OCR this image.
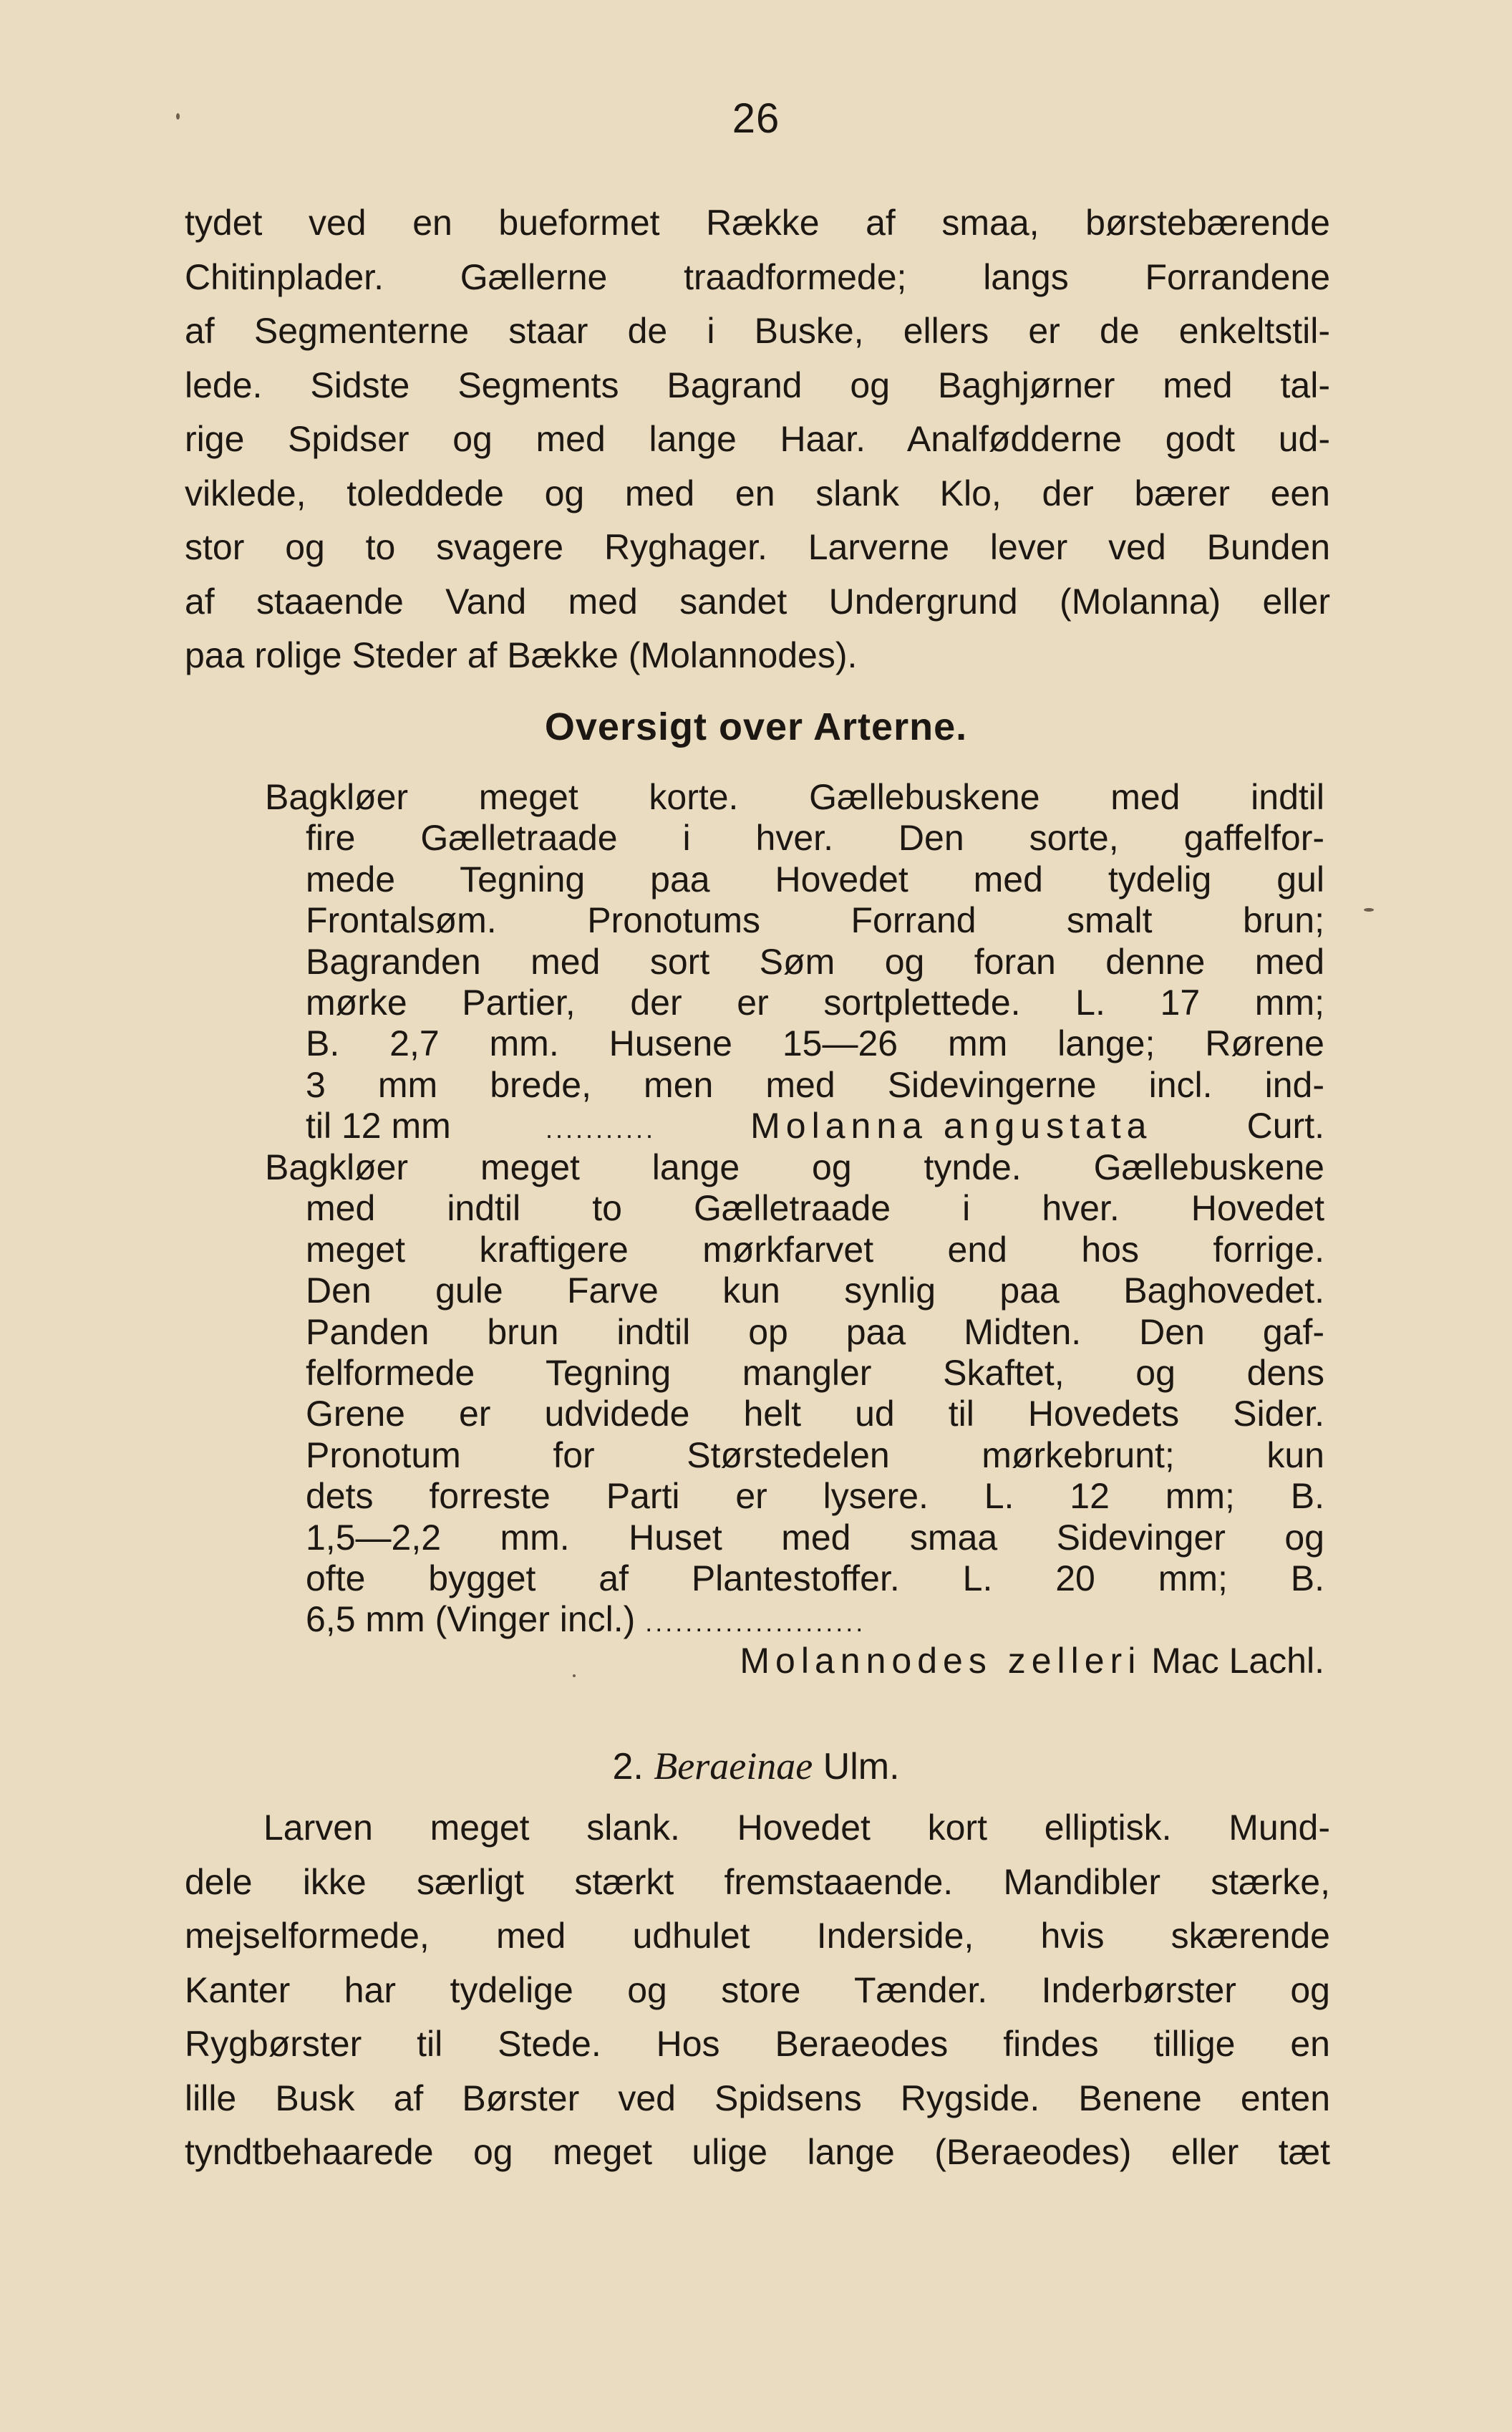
26
tydet ved en bueformet Række af smaa, børstebærende
Chitinplader. Gællerne traadformede; langs Forrandene
af Segmenterne staar de i Buske, ellers er de enkeltstil-
lede. Sidste Segments Bagrand og Baghjørner med tal-
rige Spidser og med lange Haar. Analfødderne godt ud-
viklede, toleddede og med en slank Klo, der bærer een
stor og to svagere Ryghager. Larverne lever ved Bunden
af staaende Vand med sandet Undergrund (Molanna) eller
paa rolige Steder af Bække (Molannodes).
Oversigt over Arterne.
Bagkløer meget korte. Gællebuskene med indtil
fire Gælletraade i hver. Den sorte, gaffelfor-
mede Tegning paa Hovedet med tydelig gul
Frontalsøm. Pronotums Forrand smalt brun;
Bagranden med sort Søm og foran denne med
mørke Partier, der er sortplettede. L. 17 mm;
B. 2,7 mm. Husene 15—26 mm lange; Rørene
3 mm brede, men med Sidevingerne incl. ind-
til 12 mm	...........	Molanna angustata	Curt.
Bagkløer meget lange og tynde. Gællebuskene
med indtil to Gælletraade i hver. Hovedet
meget kraftigere mørkfarvet end hos forrige.
Den gule Farve kun synlig paa Baghovedet.
Panden brun indtil op paa Midten. Den gaf-
felformede Tegning mangler Skaftet, og dens
Grene er udvidede helt ud til Hovedets Sider.
Pronotum for Størstedelen mørkebrunt; kun
dets forreste Parti er lysere. L. 12 mm; B.
1,5—2,2 mm. Huset med smaa Sidevinger og
ofte bygget af Plantestoffer. L. 20 mm; B.
6,5 mm (Vinger incl.) ......................
Molannodes zelleri Mac Lachl.
2. Beraeinae Ulm.
Larven meget slank. Hovedet kort elliptisk. Mund-
dele ikke særligt stærkt fremstaaende. Mandibler stærke,
mejselformede, med udhulet Inderside, hvis skærende
Kanter har tydelige og store Tænder. Inderbørster og
Rygbørster til Stede. Hos Beraeodes findes tillige en
lille Busk af Børster ved Spidsens Rygside. Benene enten
tyndtbehaarede og meget ulige lange (Beraeodes) eller tæt
